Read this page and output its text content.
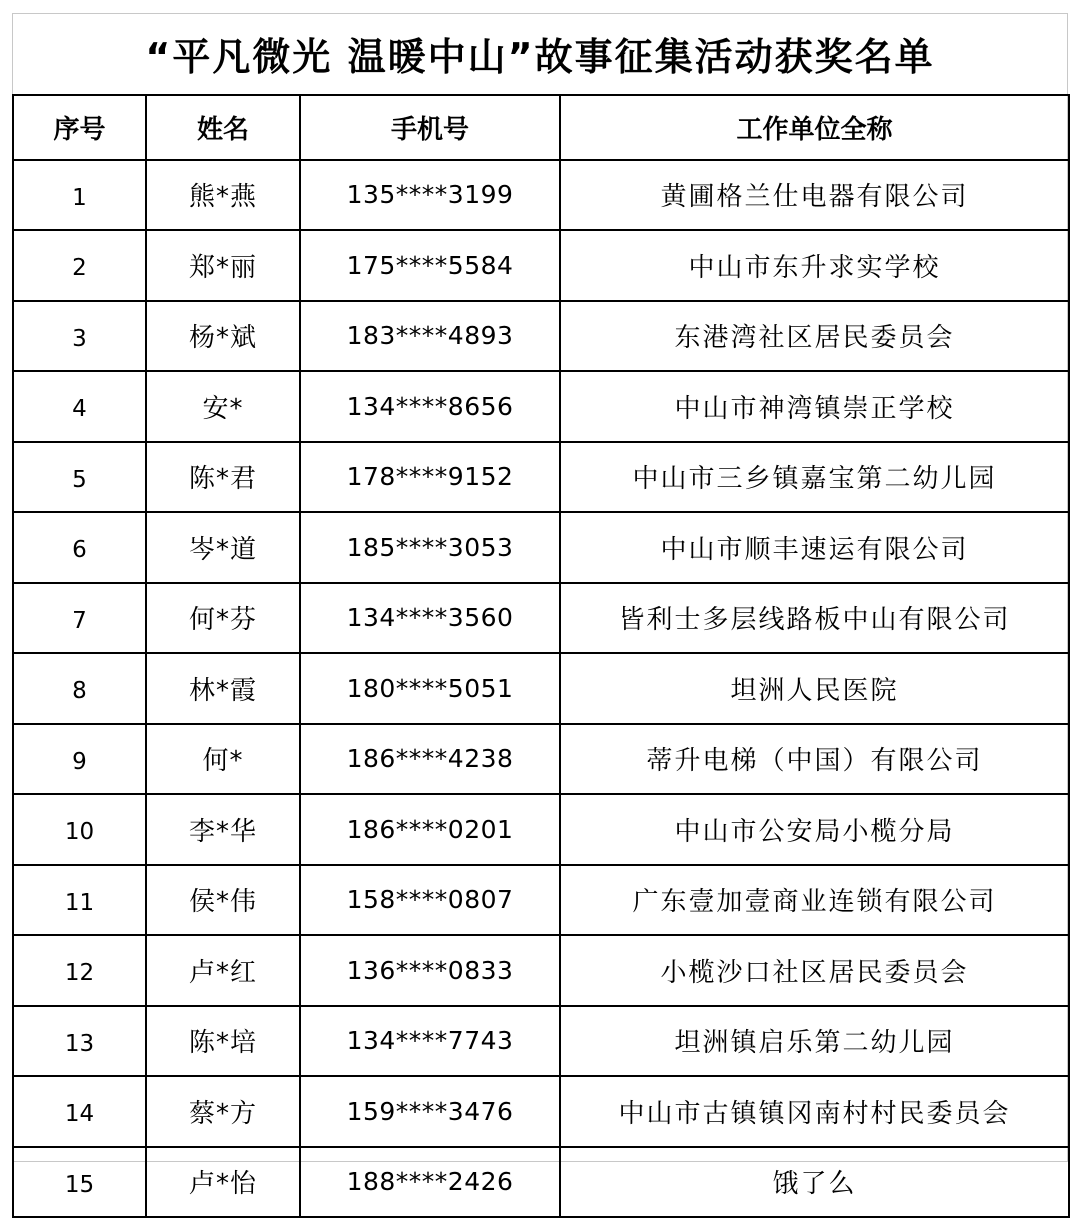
“平凡微光 温暖中山”故事征集活动获奖名单
序号	姓名	手机号	工作单位全称
1	熊*燕	135****3199	黄圃格兰仕电器有限公司
2	郑*丽	175****5584	中山市东升求实学校
3	杨*斌	183****4893	东港湾社区居民委员会
4	安*	134****8656	中山市神湾镇崇正学校
5	陈*君	178****9152	中山市三乡镇嘉宝第二幼儿园
6	岑*道	185****3053	中山市顺丰速运有限公司
7	何*芬	134****3560	皆利士多层线路板中山有限公司
8	林*霞	180****5051	坦洲人民医院
9	何*	186****4238	蒂升电梯（中国）有限公司
10	李*华	186****0201	中山市公安局小榄分局
11	侯*伟	158****0807	广东壹加壹商业连锁有限公司
12	卢*红	136****0833	小榄沙口社区居民委员会
13	陈*培	134****7743	坦洲镇启乐第二幼儿园
14	蔡*方	159****3476	中山市古镇镇冈南村村民委员会
15	卢*怡	188****2426	饿了么
